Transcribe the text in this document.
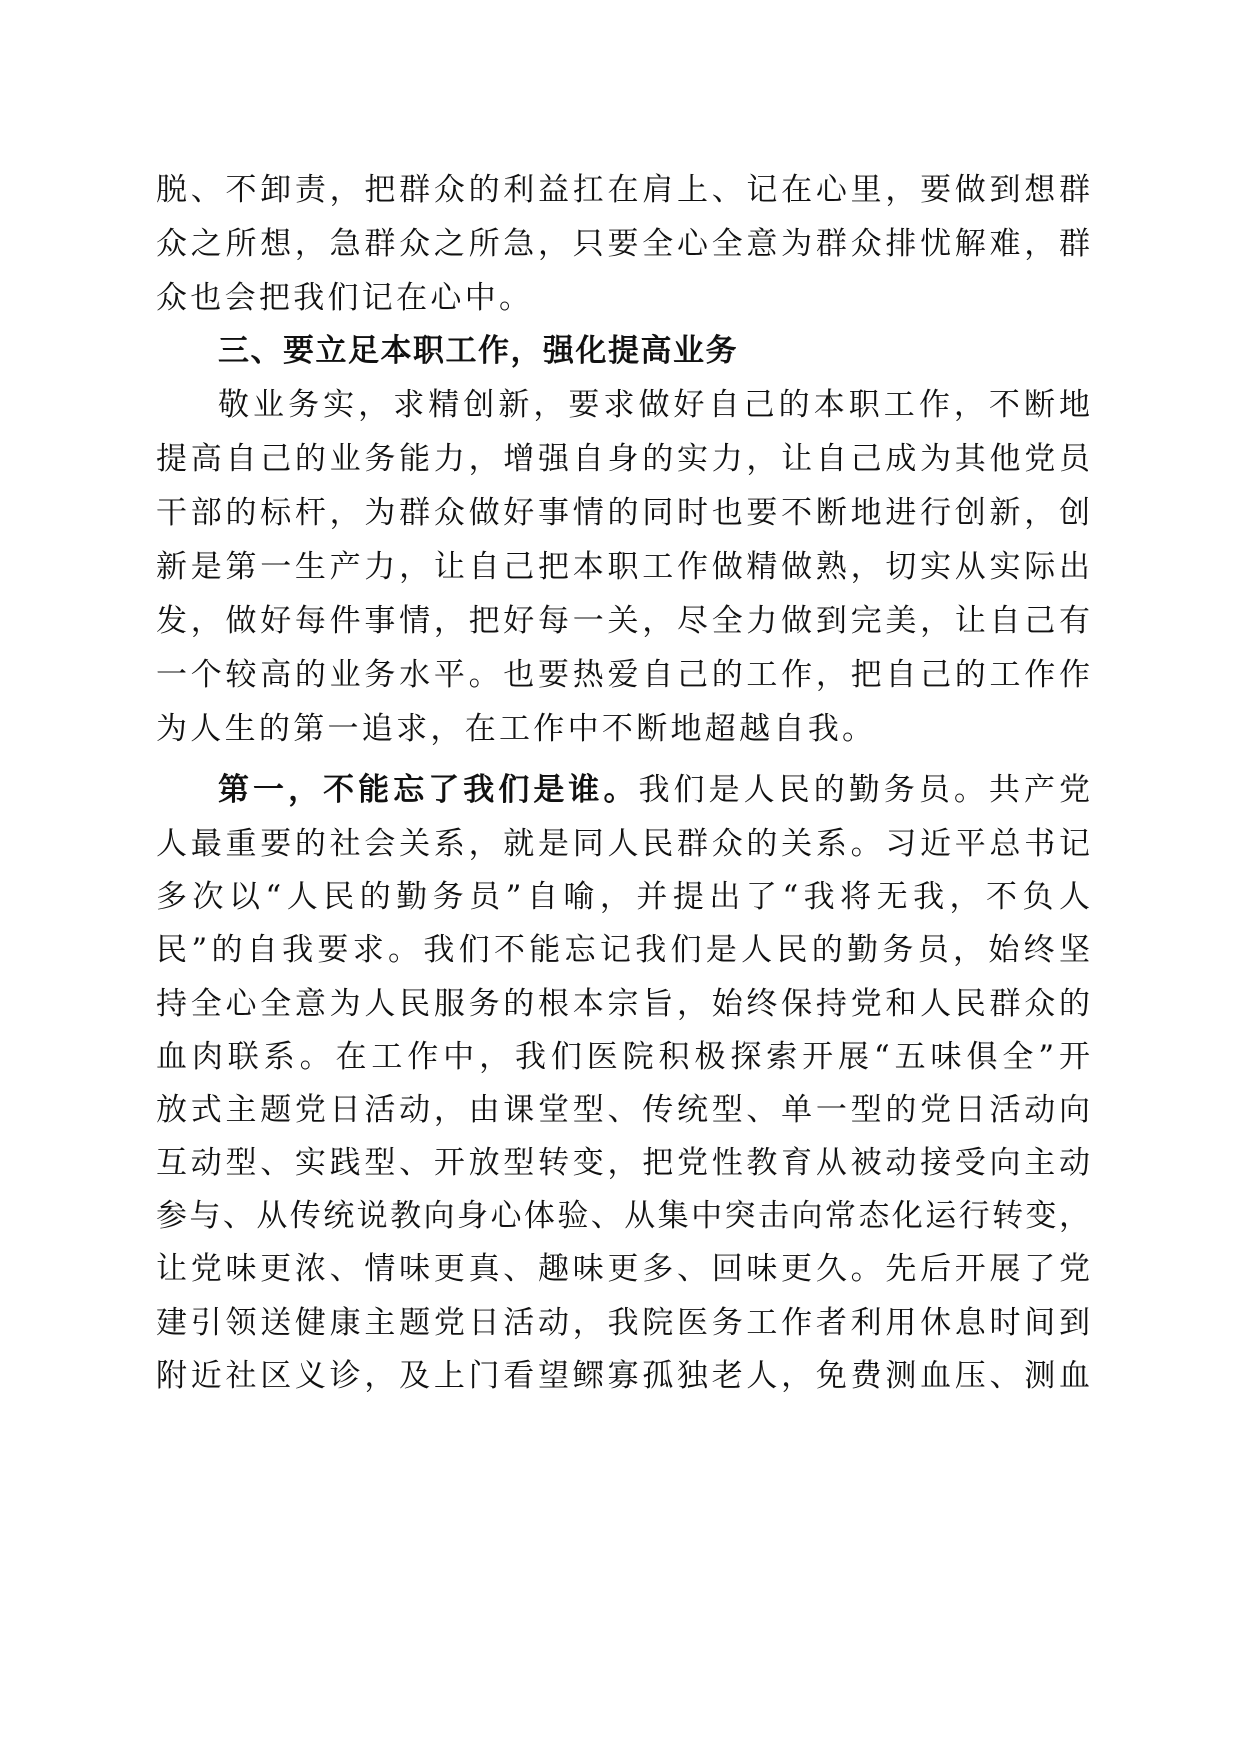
脱、不卸责，把群众的利益扛在肩上、记在心里，要做到想群
众之所想，急群众之所急，只要全心全意为群众排忧解难，群
众也会把我们记在心中。
三、要立足本职工作，强化提高业务
敬业务实，求精创新，要求做好自己的本职工作，不断地
提高自己的业务能力，增强自身的实力，让自己成为其他党员
干部的标杆，为群众做好事情的同时也要不断地进行创新，创
新是第一生产力，让自己把本职工作做精做熟，切实从实际出
发，做好每件事情，把好每一关，尽全力做到完美，让自己有
一个较高的业务水平。也要热爱自己的工作，把自己的工作作
为人生的第一追求，在工作中不断地超越自我。
第一，不能忘了我们是谁。我们是人民的勤务员。共产党
人最重要的社会关系，就是同人民群众的关系。习近平总书记
多次以“人民的勤务员”自喻，并提出了“我将无我，不负人
民”的自我要求。我们不能忘记我们是人民的勤务员，始终坚
持全心全意为人民服务的根本宗旨，始终保持党和人民群众的
血肉联系。在工作中，我们医院积极探索开展“五味俱全”开
放式主题党日活动，由课堂型、传统型、单一型的党日活动向
互动型、实践型、开放型转变，把党性教育从被动接受向主动
参与、从传统说教向身心体验、从集中突击向常态化运行转变，
让党味更浓、情味更真、趣味更多、回味更久。先后开展了党
建引领送健康主题党日活动，我院医务工作者利用休息时间到
附近社区义诊，及上门看望鳏寡孤独老人，免费测血压、测血
